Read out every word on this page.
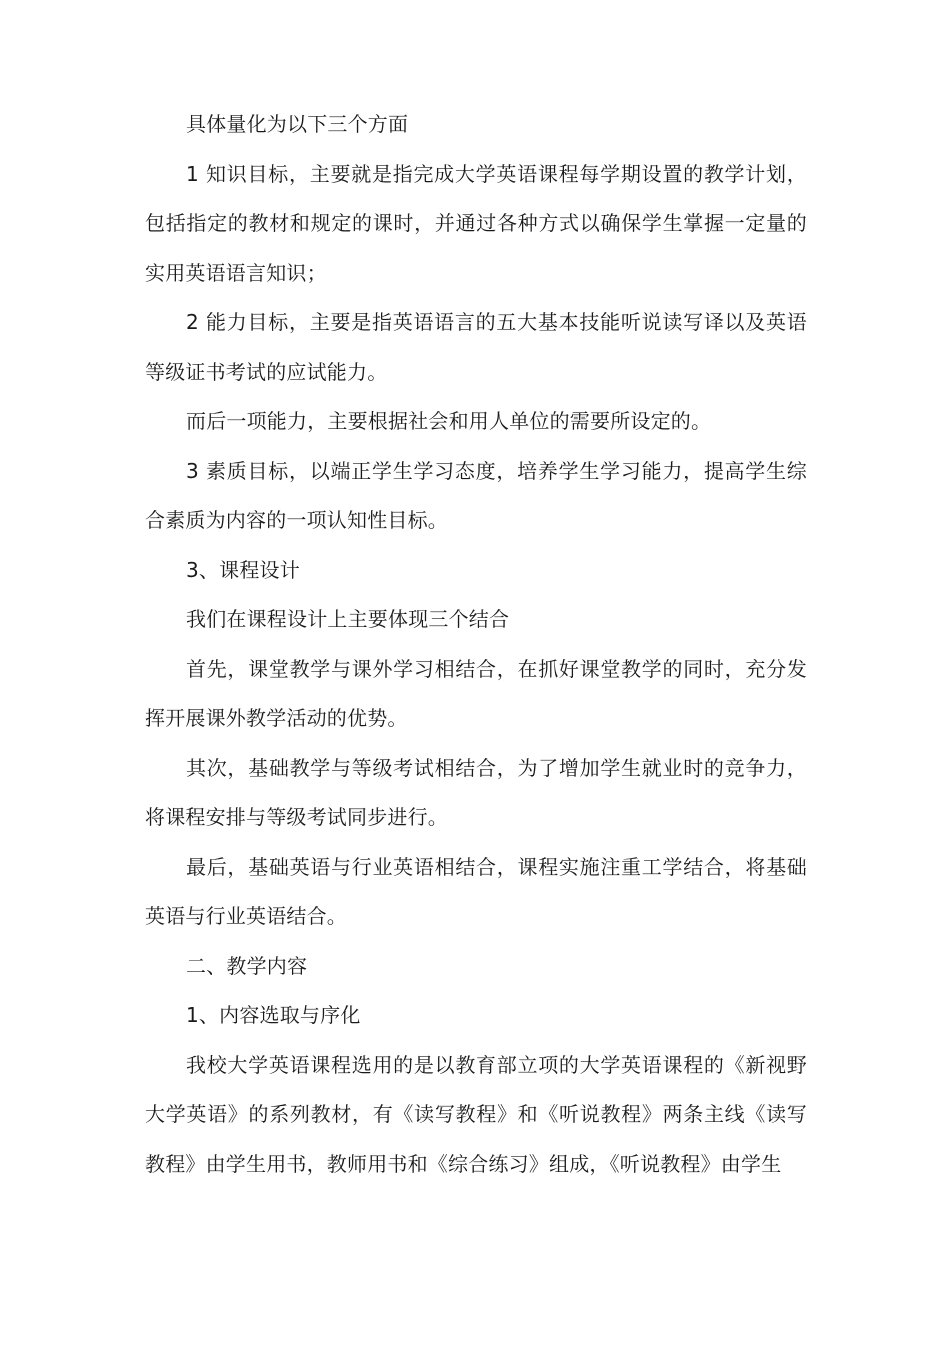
具体量化为以下三个方面

1 知识目标，主要就是指完成大学英语课程每学期设置的教学计划，包括指定的教材和规定的课时，并通过各种方式以确保学生掌握一定量的实用英语语言知识；

2 能力目标，主要是指英语语言的五大基本技能听说读写译以及英语等级证书考试的应试能力。

而后一项能力，主要根据社会和用人单位的需要所设定的。

3 素质目标，以端正学生学习态度，培养学生学习能力，提高学生综合素质为内容的一项认知性目标。

3、课程设计

我们在课程设计上主要体现三个结合

首先，课堂教学与课外学习相结合，在抓好课堂教学的同时，充分发挥开展课外教学活动的优势。

其次，基础教学与等级考试相结合，为了增加学生就业时的竞争力，将课程安排与等级考试同步进行。

最后，基础英语与行业英语相结合，课程实施注重工学结合，将基础英语与行业英语结合。

二、教学内容

1、内容选取与序化

我校大学英语课程选用的是以教育部立项的大学英语课程的《新视野大学英语》的系列教材，有《读写教程》和《听说教程》两条主线《读写教程》由学生用书，教师用书和《综合练习》组成，《听说教程》由学生
